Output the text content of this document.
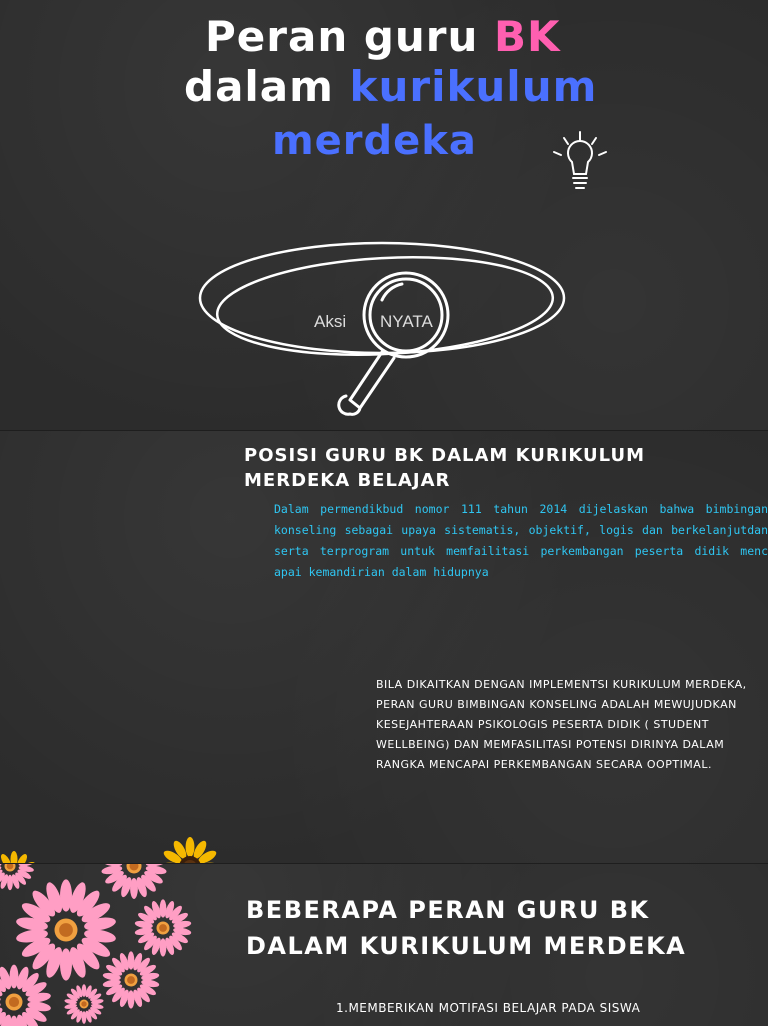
Peran guru BK
dalam kurikulum
merdeka
Aksi NYATA
POSISI GURU BK DALAM KURIKULUM MERDEKA BELAJAR
Dalam permendikbud nomor 111 tahun 2014 dijelaskan bahwa bimbingan konseling sebagai upaya sistematis, objektif, logis dan berkelanjutdan serta terprogram untuk memfailitasi perkembangan peserta didik menc apai kemandirian dalam hidupnya
BILA DIKAITKAN DENGAN IMPLEMENTSI KURIKULUM MERDEKA, PERAN GURU BIMBINGAN KONSELING ADALAH MEWUJUDKAN KESEJAHTERAAN PSIKOLOGIS PESERTA DIDIK ( STUDENT WELLBEING) DAN MEMFASILITASI POTENSI DIRINYA DALAM RANGKA MENCAPAI PERKEMBANGAN SECARA OOPTIMAL.
BEBERAPA PERAN GURU BK
DALAM KURIKULUM MERDEKA
1.MEMBERIKAN MOTIFASI BELAJAR PADA SISWA
